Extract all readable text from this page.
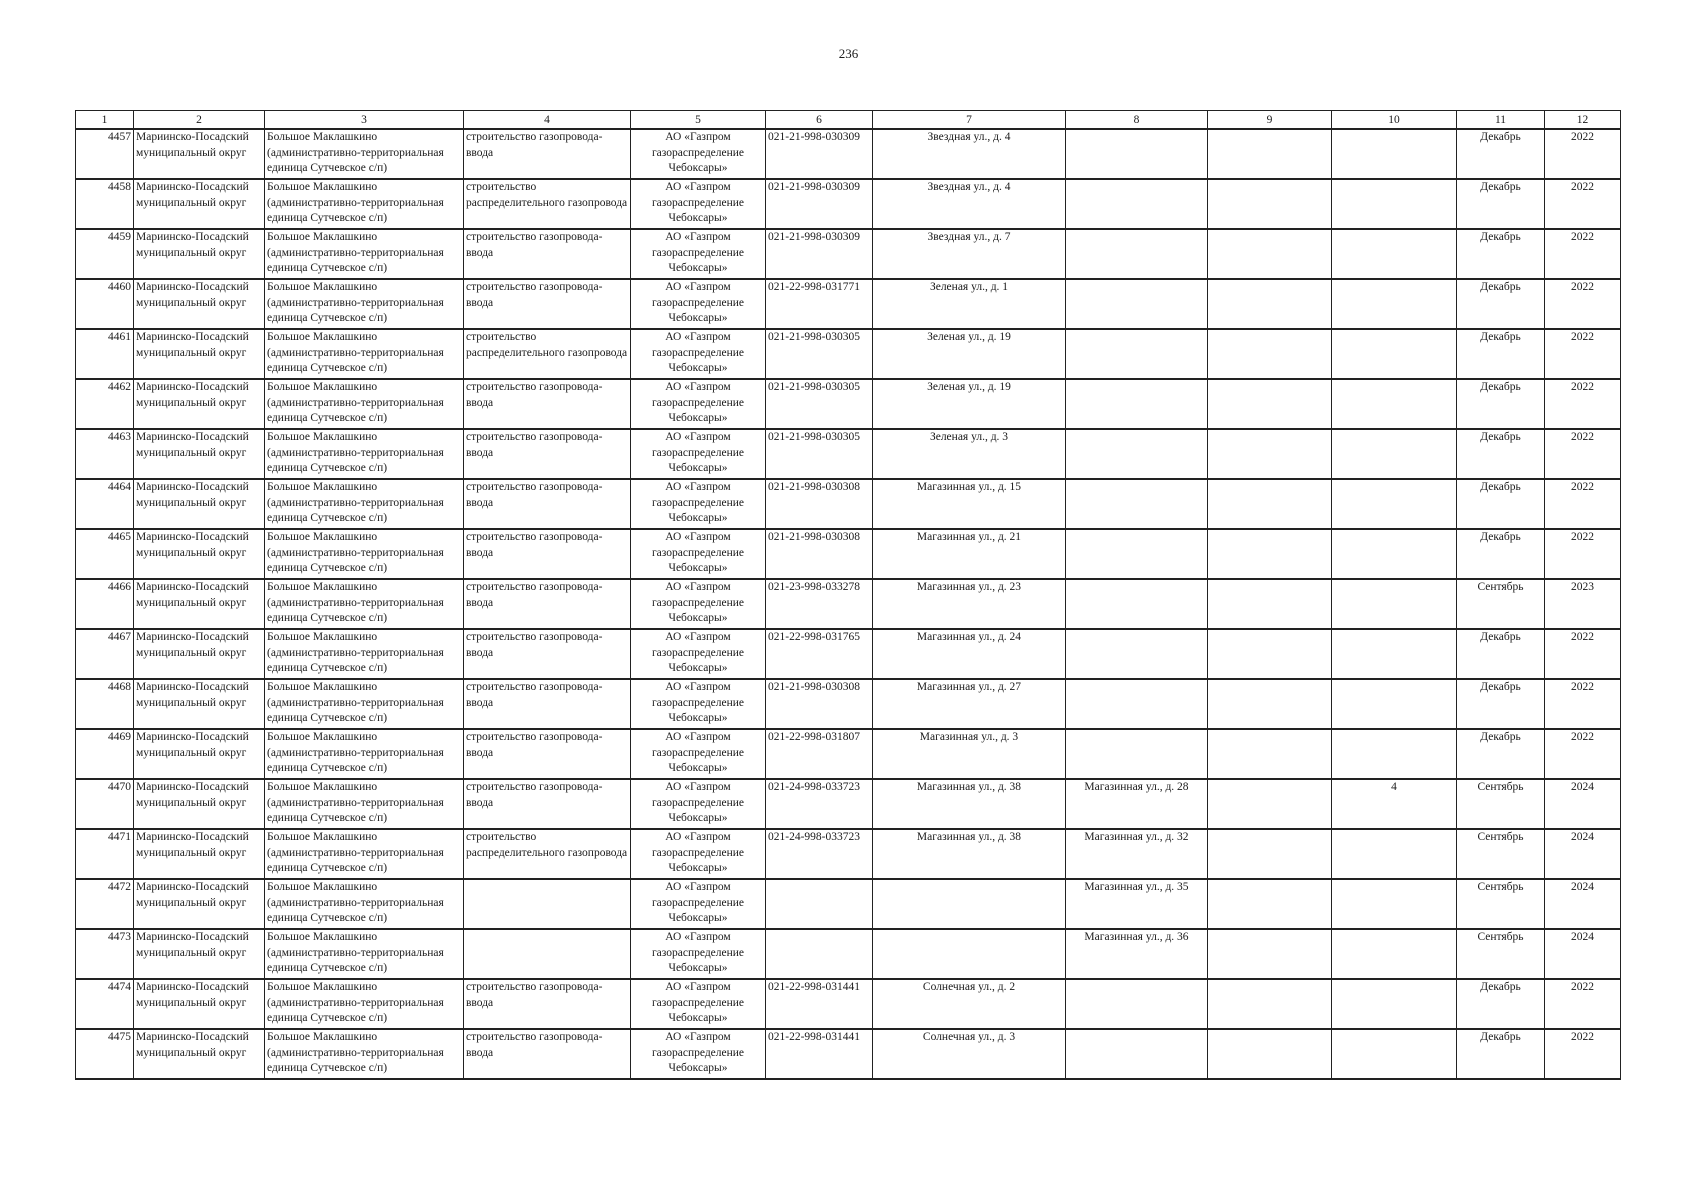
236
1	2	3	4	5	6	7	8	9	10	11	12
4457	Мариинско-Посадский муниципальный округ	Большое Маклашкино (административно-территориальная единица Сутчевское с/п)	строительство газопровода-ввода	АО «Газпром газораспределение Чебоксары»	021-21-998-030309	Звездная ул., д. 4				Декабрь	2022
4458	Мариинско-Посадский муниципальный округ	Большое Маклашкино (административно-территориальная единица Сутчевское с/п)	строительство распределительного газопровода	АО «Газпром газораспределение Чебоксары»	021-21-998-030309	Звездная ул., д. 4				Декабрь	2022
4459	Мариинско-Посадский муниципальный округ	Большое Маклашкино (административно-территориальная единица Сутчевское с/п)	строительство газопровода-ввода	АО «Газпром газораспределение Чебоксары»	021-21-998-030309	Звездная ул., д. 7				Декабрь	2022
4460	Мариинско-Посадский муниципальный округ	Большое Маклашкино (административно-территориальная единица Сутчевское с/п)	строительство газопровода-ввода	АО «Газпром газораспределение Чебоксары»	021-22-998-031771	Зеленая ул., д. 1				Декабрь	2022
4461	Мариинско-Посадский муниципальный округ	Большое Маклашкино (административно-территориальная единица Сутчевское с/п)	строительство распределительного газопровода	АО «Газпром газораспределение Чебоксары»	021-21-998-030305	Зеленая ул., д. 19				Декабрь	2022
4462	Мариинско-Посадский муниципальный округ	Большое Маклашкино (административно-территориальная единица Сутчевское с/п)	строительство газопровода-ввода	АО «Газпром газораспределение Чебоксары»	021-21-998-030305	Зеленая ул., д. 19				Декабрь	2022
4463	Мариинско-Посадский муниципальный округ	Большое Маклашкино (административно-территориальная единица Сутчевское с/п)	строительство газопровода-ввода	АО «Газпром газораспределение Чебоксары»	021-21-998-030305	Зеленая ул., д. 3				Декабрь	2022
4464	Мариинско-Посадский муниципальный округ	Большое Маклашкино (административно-территориальная единица Сутчевское с/п)	строительство газопровода-ввода	АО «Газпром газораспределение Чебоксары»	021-21-998-030308	Магазинная ул., д. 15				Декабрь	2022
4465	Мариинско-Посадский муниципальный округ	Большое Маклашкино (административно-территориальная единица Сутчевское с/п)	строительство газопровода-ввода	АО «Газпром газораспределение Чебоксары»	021-21-998-030308	Магазинная ул., д. 21				Декабрь	2022
4466	Мариинско-Посадский муниципальный округ	Большое Маклашкино (административно-территориальная единица Сутчевское с/п)	строительство газопровода-ввода	АО «Газпром газораспределение Чебоксары»	021-23-998-033278	Магазинная ул., д. 23				Сентябрь	2023
4467	Мариинско-Посадский муниципальный округ	Большое Маклашкино (административно-территориальная единица Сутчевское с/п)	строительство газопровода-ввода	АО «Газпром газораспределение Чебоксары»	021-22-998-031765	Магазинная ул., д. 24				Декабрь	2022
4468	Мариинско-Посадский муниципальный округ	Большое Маклашкино (административно-территориальная единица Сутчевское с/п)	строительство газопровода-ввода	АО «Газпром газораспределение Чебоксары»	021-21-998-030308	Магазинная ул., д. 27				Декабрь	2022
4469	Мариинско-Посадский муниципальный округ	Большое Маклашкино (административно-территориальная единица Сутчевское с/п)	строительство газопровода-ввода	АО «Газпром газораспределение Чебоксары»	021-22-998-031807	Магазинная ул., д. 3				Декабрь	2022
4470	Мариинско-Посадский муниципальный округ	Большое Маклашкино (административно-территориальная единица Сутчевское с/п)	строительство газопровода-ввода	АО «Газпром газораспределение Чебоксары»	021-24-998-033723	Магазинная ул., д. 38	Магазинная ул., д. 28		4	Сентябрь	2024
4471	Мариинско-Посадский муниципальный округ	Большое Маклашкино (административно-территориальная единица Сутчевское с/п)	строительство распределительного газопровода	АО «Газпром газораспределение Чебоксары»	021-24-998-033723	Магазинная ул., д. 38	Магазинная ул., д. 32			Сентябрь	2024
4472	Мариинско-Посадский муниципальный округ	Большое Маклашкино (административно-территориальная единица Сутчевское с/п)		АО «Газпром газораспределение Чебоксары»			Магазинная ул., д. 35			Сентябрь	2024
4473	Мариинско-Посадский муниципальный округ	Большое Маклашкино (административно-территориальная единица Сутчевское с/п)		АО «Газпром газораспределение Чебоксары»			Магазинная ул., д. 36			Сентябрь	2024
4474	Мариинско-Посадский муниципальный округ	Большое Маклашкино (административно-территориальная единица Сутчевское с/п)	строительство газопровода-ввода	АО «Газпром газораспределение Чебоксары»	021-22-998-031441	Солнечная ул., д. 2				Декабрь	2022
4475	Мариинско-Посадский муниципальный округ	Большое Маклашкино (административно-территориальная единица Сутчевское с/п)	строительство газопровода-ввода	АО «Газпром газораспределение Чебоксары»	021-22-998-031441	Солнечная ул., д. 3				Декабрь	2022
